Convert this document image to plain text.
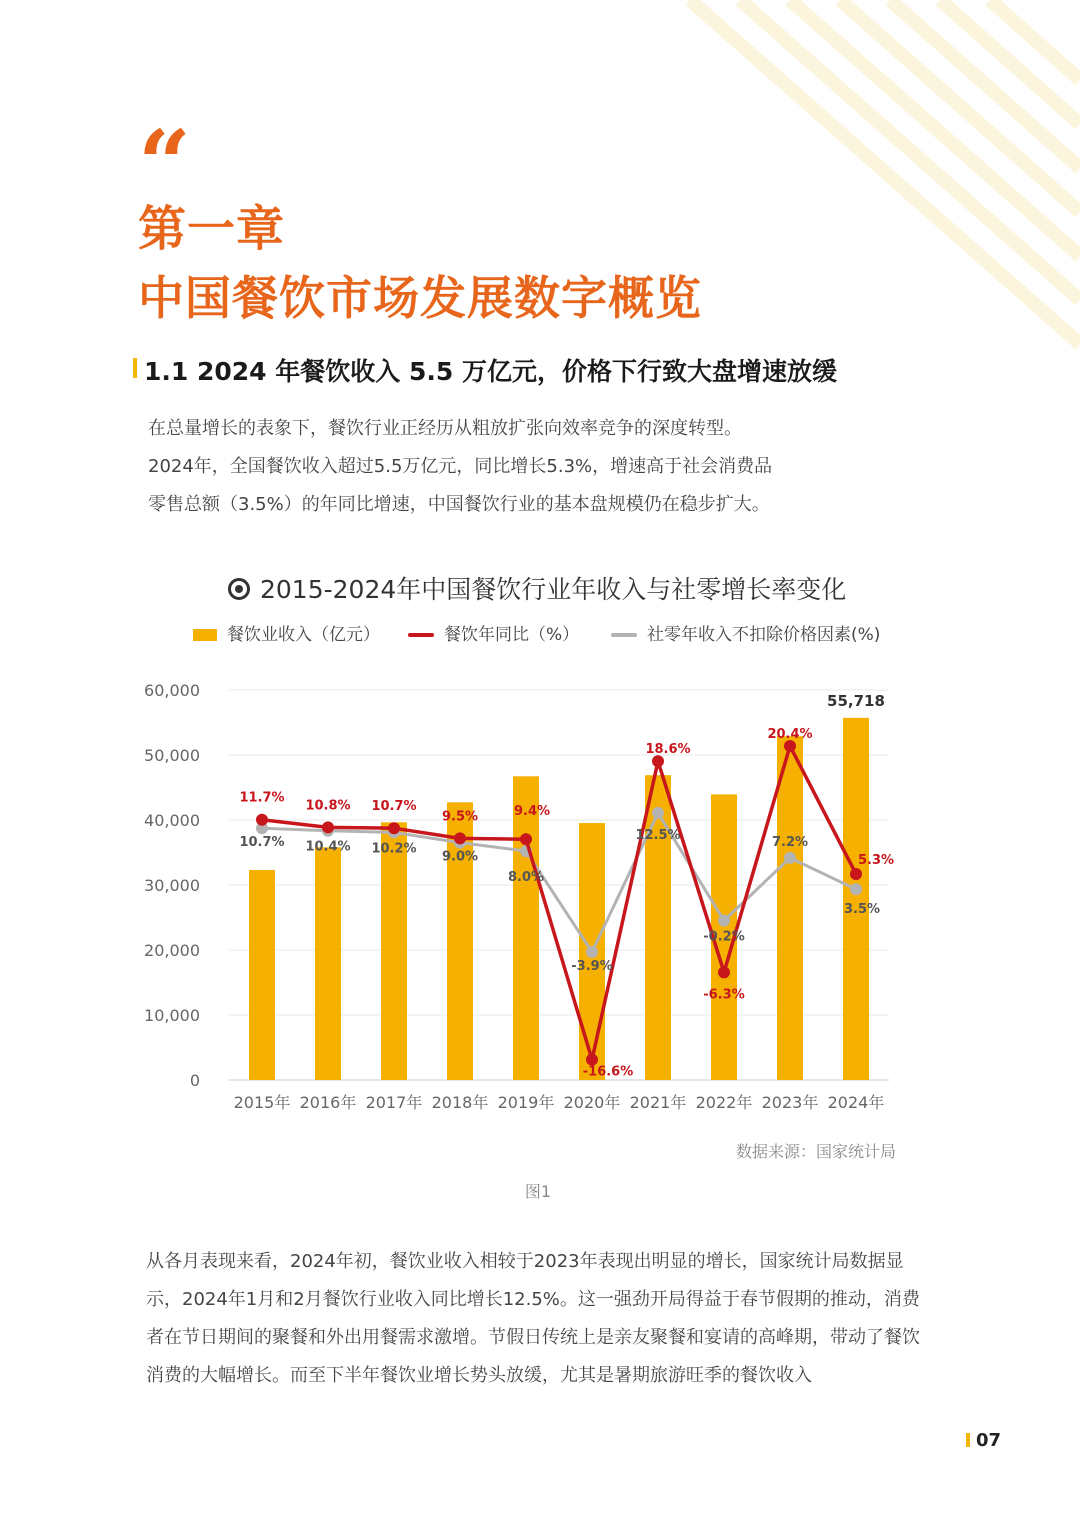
“
第一章
中国餐饮市场发展数字概览
1.1 2024 年餐饮收入 5.5 万亿元，价格下行致大盘增速放缓

在总量增长的表象下，餐饮行业正经历从粗放扩张向效率竞争的深度转型。

2024年，全国餐饮收入超过5.5万亿元，同比增长5.3%，增速高于社会消费品

零售总额（3.5%）的年同比增速，中国餐饮行业的基本盘规模仍在稳步扩大。

2015-2024年中国餐饮行业年收入与社零增长率变化
餐饮业收入（亿元）	餐饮年同比（%）	社零年收入不扣除价格因素(%)
0
10,000
20,000
30,000
40,000
50,000
60,000
55,718
2015年 2016年 2017年 2018年 2019年 2020年 2021年 2022年 2023年 2024年
11.7%
10.8% 10.7%
9.5%	9.4%
-16.6%
18.6%
-6.3%
20.4%
5.3%
10.7% 10.4% 10.2%
9.0%
8.0%
-3.9%
12.5%
-0.2%
7.2%
3.5%
数据来源：国家统计局
图1
从各月表现来看，2024年初，餐饮业收入相较于2023年表现出明显的增长，国家统计局数据显示，2024年1月和2月餐饮行业收入同比增长12.5%。这一强劲开局得益于春节假期的推动，消费者在节日期间的聚餐和外出用餐需求激增。节假日传统上是亲友聚餐和宴请的高峰期，带动了餐饮消费的大幅增长。而至下半年餐饮业增长势头放缓，尤其是暑期旅游旺季的餐饮收入
07
